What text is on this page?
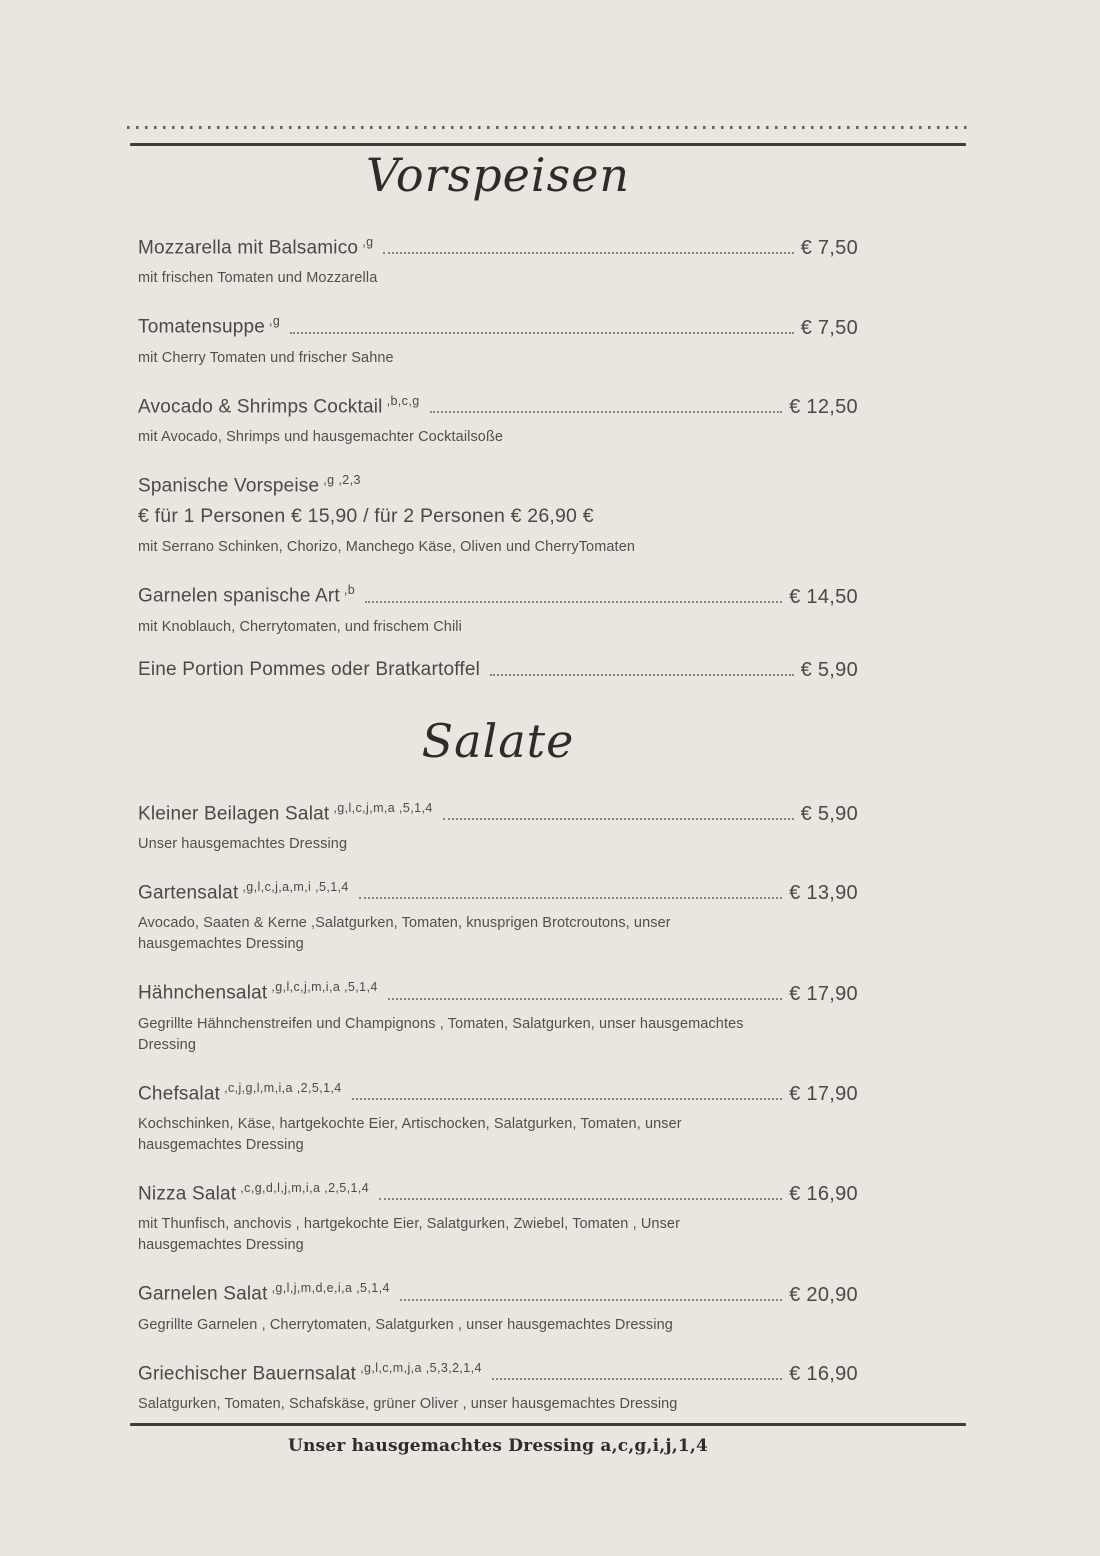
Vorspeisen
Mozzarella mit Balsamico $^{,g}$	€ 7,50

mit frischen Tomaten und Mozzarella

Tomatensuppe $^{,g}$	€ 7,50

mit Cherry Tomaten und frischer Sahne

Avocado & Shrimps Cocktail $^{,b,c,g}$	€ 12,50

mit Avocado, Shrimps und hausgemachter Cocktailsoße

Spanische Vorspeise $^{,g ,2,3}$
€ für 1 Personen € 15,90 / für 2 Personen € 26,90 €

mit Serrano Schinken, Chorizo, Manchego Käse, Oliven und CherryTomaten

Garnelen spanische Art $^{,b}$	€ 14,50

mit Knoblauch, Cherrytomaten, und frischem Chili

Eine Portion Pommes oder Bratkartoffel	€ 5,90
Salate
Kleiner Beilagen Salat $^{,g,l,c,j,m,a ,5,1,4}$	€ 5,90

Unser hausgemachtes Dressing

Gartensalat $^{,g,l,c,j,a,m,i ,5,1,4}$	€ 13,90

Avocado, Saaten & Kerne ,Salatgurken, Tomaten, knusprigen Brotcroutons, unser hausgemachtes Dressing

Hähnchensalat $^{,g,l,c,j,m,i,a ,5,1,4}$	€ 17,90

Gegrillte Hähnchenstreifen und Champignons , Tomaten, Salatgurken, unser hausgemachtes Dressing

Chefsalat $^{,c,j,g,l,m,i,a ,2,5,1,4}$	€ 17,90

Kochschinken, Käse, hartgekochte Eier, Artischocken, Salatgurken, Tomaten, unser hausgemachtes Dressing

Nizza Salat $^{,c,g,d,l,j,m,i,a ,2,5,1,4}$	€ 16,90

mit Thunfisch, anchovis , hartgekochte Eier, Salatgurken, Zwiebel, Tomaten , Unser hausgemachtes Dressing

Garnelen Salat $^{,g,l,j,m,d,e,i,a ,5,1,4}$	€ 20,90

Gegrillte Garnelen , Cherrytomaten, Salatgurken , unser hausgemachtes Dressing

Griechischer Bauernsalat $^{,g,l,c,m,j,a ,5,3,2,1,4}$	€ 16,90

Salatgurken, Tomaten, Schafskäse, grüner Oliver , unser hausgemachtes Dressing

Unser hausgemachtes Dressing a,c,g,i,j,1,4
